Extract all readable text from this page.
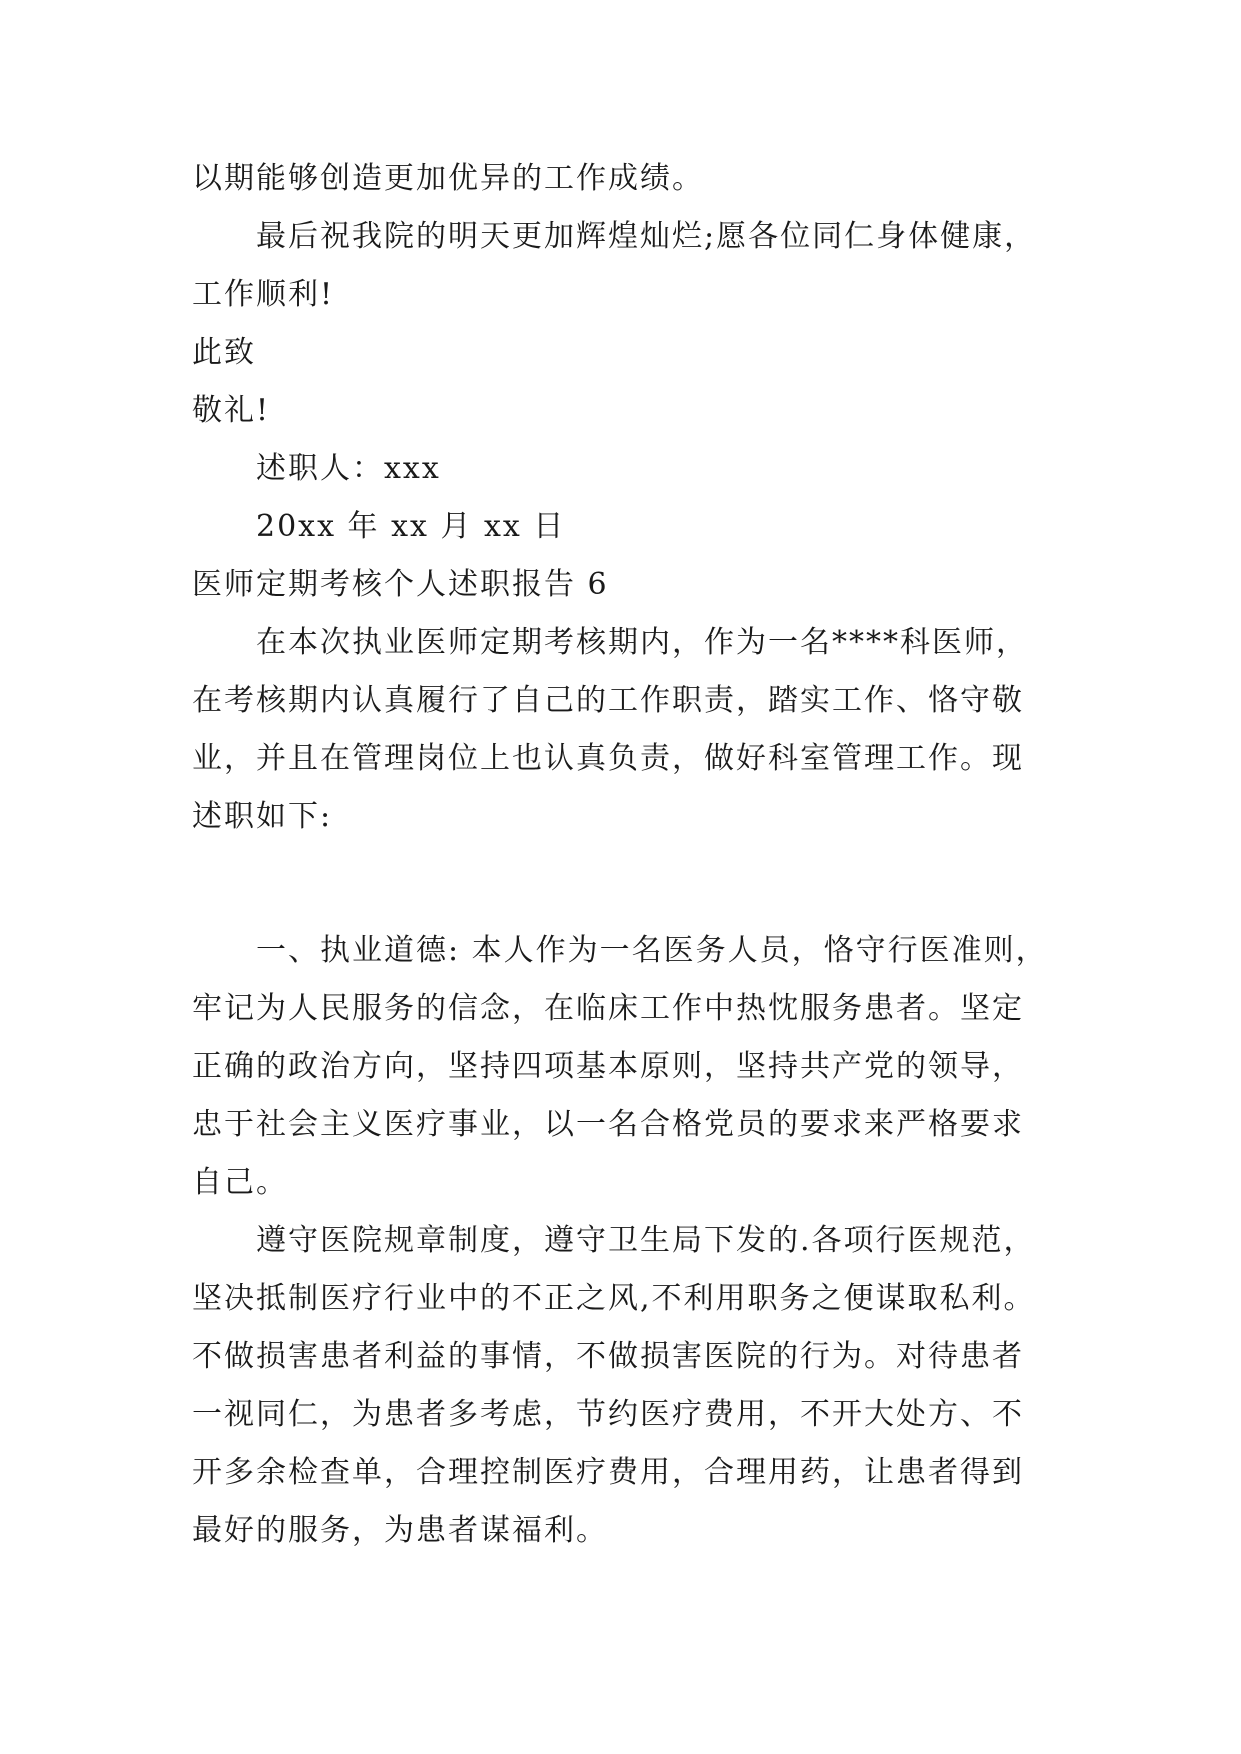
以期能够创造更加优异的工作成绩。
最后祝我院的明天更加辉煌灿烂;愿各位同仁身体健康，
工作顺利!
此致
敬礼!
述职人：xxx
20xx 年 xx 月 xx 日
医师定期考核个人述职报告 6
在本次执业医师定期考核期内，作为一名****科医师，
在考核期内认真履行了自己的工作职责，踏实工作、恪守敬
业，并且在管理岗位上也认真负责，做好科室管理工作。现
述职如下:
一、执业道德: 本人作为一名医务人员，恪守行医准则，
牢记为人民服务的信念，在临床工作中热忱服务患者。坚定
正确的政治方向，坚持四项基本原则，坚持共产党的领导，
忠于社会主义医疗事业，以一名合格党员的要求来严格要求
自己。
遵守医院规章制度，遵守卫生局下发的.各项行医规范，
坚决抵制医疗行业中的不正之风,不利用职务之便谋取私利。
不做损害患者利益的事情，不做损害医院的行为。对待患者
一视同仁，为患者多考虑，节约医疗费用，不开大处方、不
开多余检查单，合理控制医疗费用，合理用药，让患者得到
最好的服务，为患者谋福利。
